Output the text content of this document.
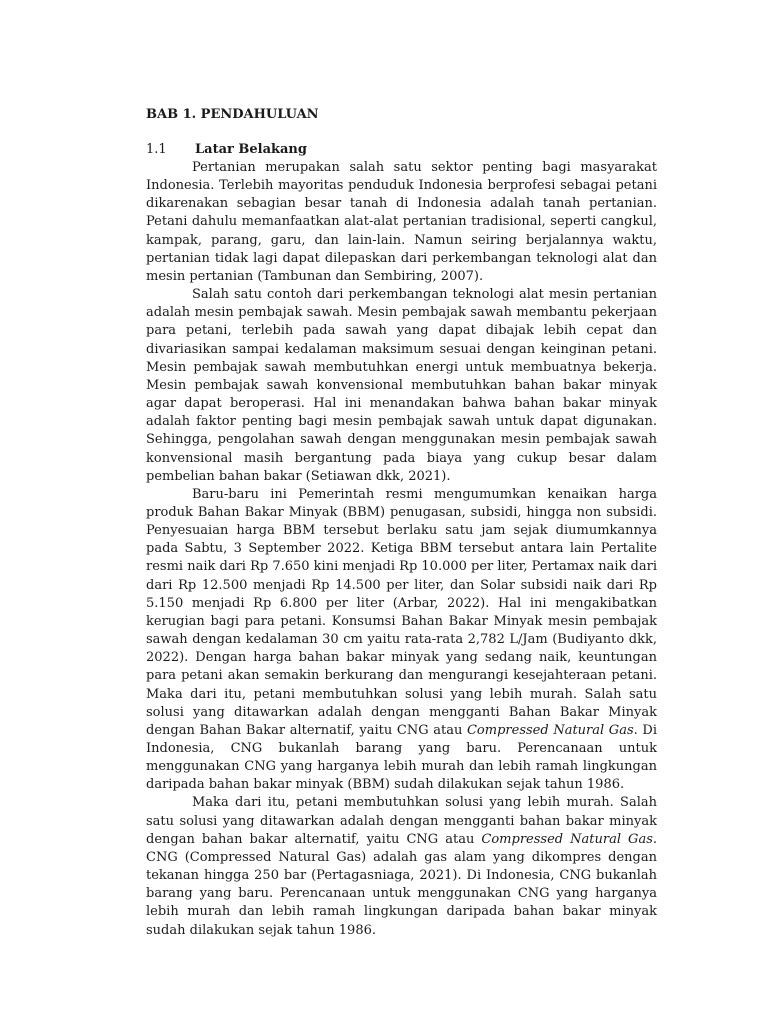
BAB 1. PENDAHULUAN
1.1 Latar Belakang

Pertanian merupakan salah satu sektor penting bagi masyarakat Indonesia. Terlebih mayoritas penduduk Indonesia berprofesi sebagai petani dikarenakan sebagian besar tanah di Indonesia adalah tanah pertanian. Petani dahulu memanfaatkan alat-alat pertanian tradisional, seperti cangkul, kampak, parang, garu, dan lain-lain. Namun seiring berjalannya waktu, pertanian tidak lagi dapat dilepaskan dari perkembangan teknologi alat dan mesin pertanian (Tambunan dan Sembiring, 2007).

Salah satu contoh dari perkembangan teknologi alat mesin pertanian adalah mesin pembajak sawah. Mesin pembajak sawah membantu pekerjaan para petani, terlebih pada sawah yang dapat dibajak lebih cepat dan divariasikan sampai kedalaman maksimum sesuai dengan keinginan petani. Mesin pembajak sawah membutuhkan energi untuk membuatnya bekerja. Mesin pembajak sawah konvensional membutuhkan bahan bakar minyak agar dapat beroperasi. Hal ini menandakan bahwa bahan bakar minyak adalah faktor penting bagi mesin pembajak sawah untuk dapat digunakan. Sehingga, pengolahan sawah dengan menggunakan mesin pembajak sawah konvensional masih bergantung pada biaya yang cukup besar dalam pembelian bahan bakar (Setiawan dkk, 2021).

Baru-baru ini Pemerintah resmi mengumumkan kenaikan harga produk Bahan Bakar Minyak (BBM) penugasan, subsidi, hingga non subsidi. Penyesuaian harga BBM tersebut berlaku satu jam sejak diumumkannya pada Sabtu, 3 September 2022. Ketiga BBM tersebut antara lain Pertalite resmi naik dari Rp 7.650 kini menjadi Rp 10.000 per liter, Pertamax naik dari dari Rp 12.500 menjadi Rp 14.500 per liter, dan Solar subsidi naik dari Rp 5.150 menjadi Rp 6.800 per liter (Arbar, 2022). Hal ini mengakibatkan kerugian bagi para petani. Konsumsi Bahan Bakar Minyak mesin pembajak sawah dengan kedalaman 30 cm yaitu rata-rata 2,782 L/Jam (Budiyanto dkk, 2022). Dengan harga bahan bakar minyak yang sedang naik, keuntungan para petani akan semakin berkurang dan mengurangi kesejahteraan petani. Maka dari itu, petani membutuhkan solusi yang lebih murah. Salah satu solusi yang ditawarkan adalah dengan mengganti Bahan Bakar Minyak dengan Bahan Bakar alternatif, yaitu CNG atau Compressed Natural Gas. Di Indonesia, CNG bukanlah barang yang baru. Perencanaan untuk menggunakan CNG yang harganya lebih murah dan lebih ramah lingkungan daripada bahan bakar minyak (BBM) sudah dilakukan sejak tahun 1986.

Maka dari itu, petani membutuhkan solusi yang lebih murah. Salah satu solusi yang ditawarkan adalah dengan mengganti bahan bakar minyak dengan bahan bakar alternatif, yaitu CNG atau Compressed Natural Gas. CNG (Compressed Natural Gas) adalah gas alam yang dikompres dengan tekanan hingga 250 bar (Pertagasniaga, 2021). Di Indonesia, CNG bukanlah barang yang baru. Perencanaan untuk menggunakan CNG yang harganya lebih murah dan lebih ramah lingkungan daripada bahan bakar minyak sudah dilakukan sejak tahun 1986.
